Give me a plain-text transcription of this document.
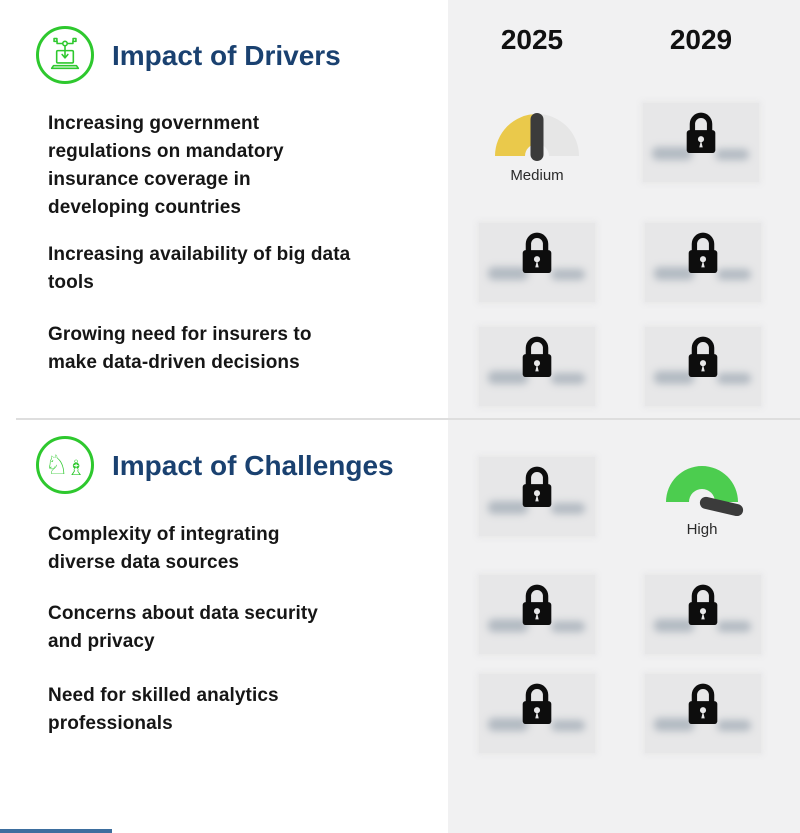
2025	2029
Impact of Drivers
Increasing government regulations on mandatory insurance coverage in developing countries
Medium
Increasing availability of big data tools
Growing need for insurers to make data-driven decisions
♘
♗ Impact of Challenges
Complexity of integrating diverse data sources
High
Concerns about data security and privacy
Need for skilled analytics professionals
